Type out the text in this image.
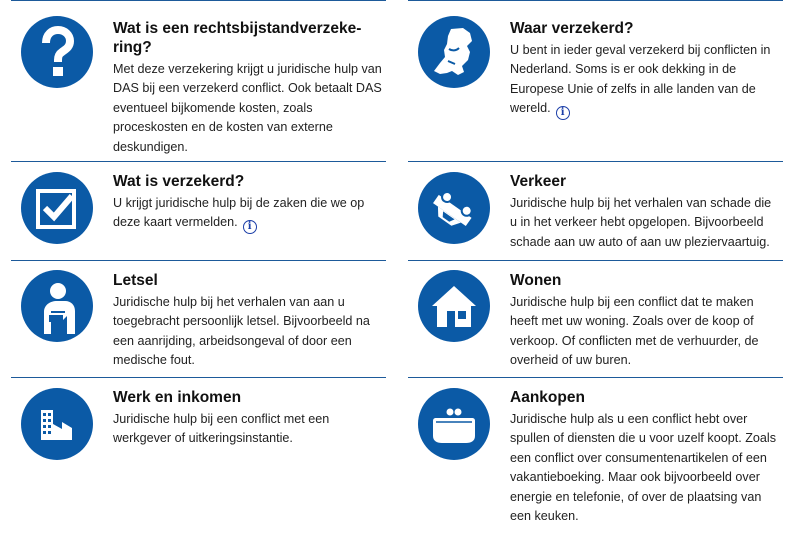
Wat is een rechtsbijstandverzeke-
ring?

Met deze verzekering krijgt u juridische hulp van DAS bij een verzekerd conflict. Ook betaalt DAS eventueel bijkomende kosten, zoals proceskosten en de kosten van externe deskundigen.

Wat is verzekerd?

U krijgt juridische hulp bij de zaken die we op deze kaart vermelden. i

Letsel

Juridische hulp bij het verhalen van aan u toegebracht persoonlijk letsel. Bijvoorbeeld na een aanrijding, arbeidsongeval of door een medische fout.

Werk en inkomen

Juridische hulp bij een conflict met een werkgever of uitkeringsinstantie.

Waar verzekerd?

U bent in ieder geval verzekerd bij conflicten in Nederland. Soms is er ook dekking in de Europese Unie of zelfs in alle landen van de wereld. i

Verkeer

Juridische hulp bij het verhalen van schade die u in het verkeer hebt opgelopen. Bijvoorbeeld schade aan uw auto of aan uw pleziervaartuig.

Wonen

Juridische hulp bij een conflict dat te maken heeft met uw woning. Zoals over de koop of verkoop. Of conflicten met de verhuurder, de overheid of uw buren.

Aankopen

Juridische hulp als u een conflict hebt over spullen of diensten die u voor uzelf koopt. Zoals een conflict over consumentenartikelen of een vakantieboeking. Maar ook bijvoorbeeld over energie en telefonie, of over de plaatsing van een keuken.
